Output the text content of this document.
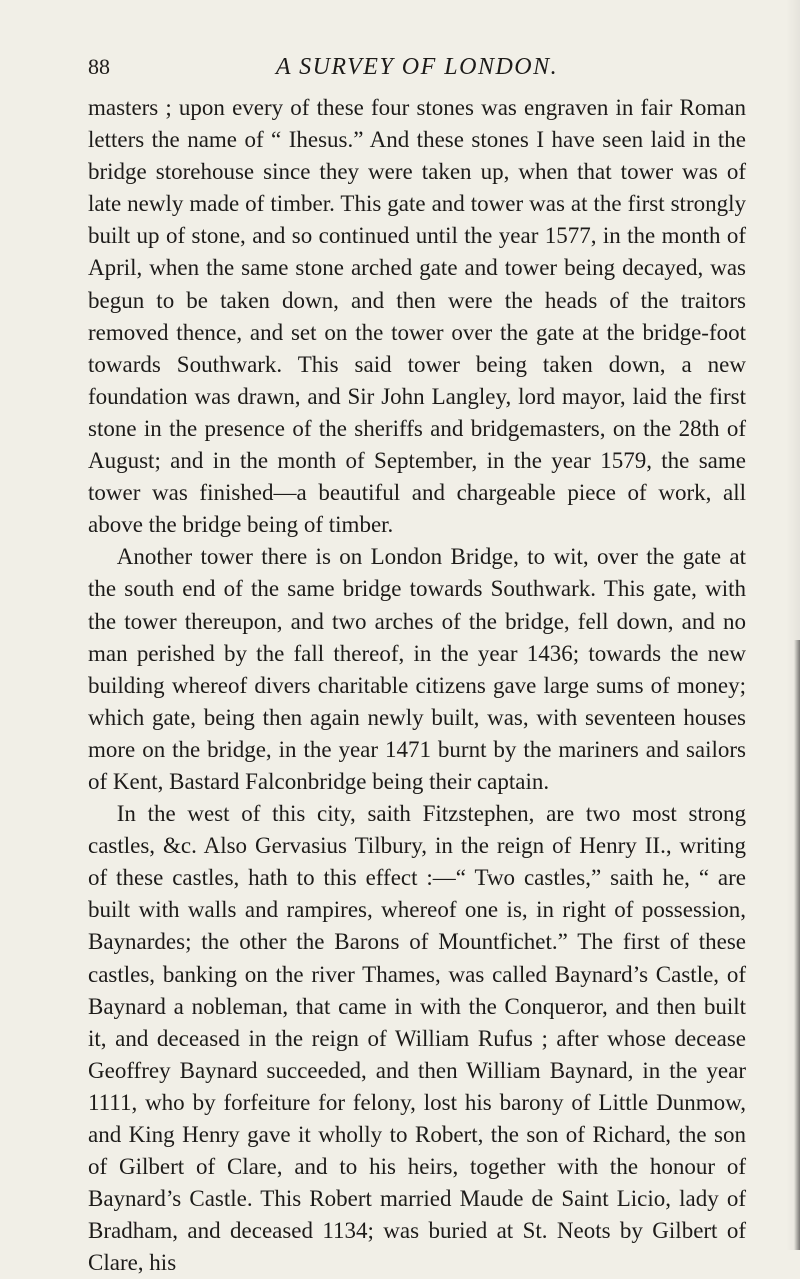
88	A SURVEY OF LONDON.

masters ; upon every of these four stones was engraven in fair Roman letters the name of “ Ihesus.” And these stones I have seen laid in the bridge storehouse since they were taken up, when that tower was of late newly made of timber. This gate and tower was at the first strongly built up of stone, and so continued until the year 1577, in the month of April, when the same stone arched gate and tower being decayed, was begun to be taken down, and then were the heads of the traitors removed thence, and set on the tower over the gate at the bridge-foot towards Southwark. This said tower being taken down, a new foundation was drawn, and Sir John Langley, lord mayor, laid the first stone in the presence of the sheriffs and bridgemasters, on the 28th of August; and in the month of September, in the year 1579, the same tower was finished—a beautiful and chargeable piece of work, all above the bridge being of timber.

Another tower there is on London Bridge, to wit, over the gate at the south end of the same bridge towards Southwark. This gate, with the tower thereupon, and two arches of the bridge, fell down, and no man perished by the fall thereof, in the year 1436; towards the new building whereof divers charitable citizens gave large sums of money; which gate, being then again newly built, was, with seventeen houses more on the bridge, in the year 1471 burnt by the mariners and sailors of Kent, Bastard Falconbridge being their captain.

In the west of this city, saith Fitzstephen, are two most strong castles, &c. Also Gervasius Tilbury, in the reign of Henry II., writing of these castles, hath to this effect :—“ Two castles,” saith he, “ are built with walls and rampires, whereof one is, in right of possession, Baynardes; the other the Barons of Mountfichet.” The first of these castles, banking on the river Thames, was called Baynard’s Castle, of Baynard a nobleman, that came in with the Conqueror, and then built it, and deceased in the reign of William Rufus ; after whose decease Geoffrey Baynard succeeded, and then William Baynard, in the year 1111, who by forfeiture for felony, lost his barony of Little Dunmow, and King Henry gave it wholly to Robert, the son of Richard, the son of Gilbert of Clare, and to his heirs, together with the honour of Baynard’s Castle. This Robert married Maude de Saint Licio, lady of Bradham, and deceased 1134; was buried at St. Neots by Gilbert of Clare, his
